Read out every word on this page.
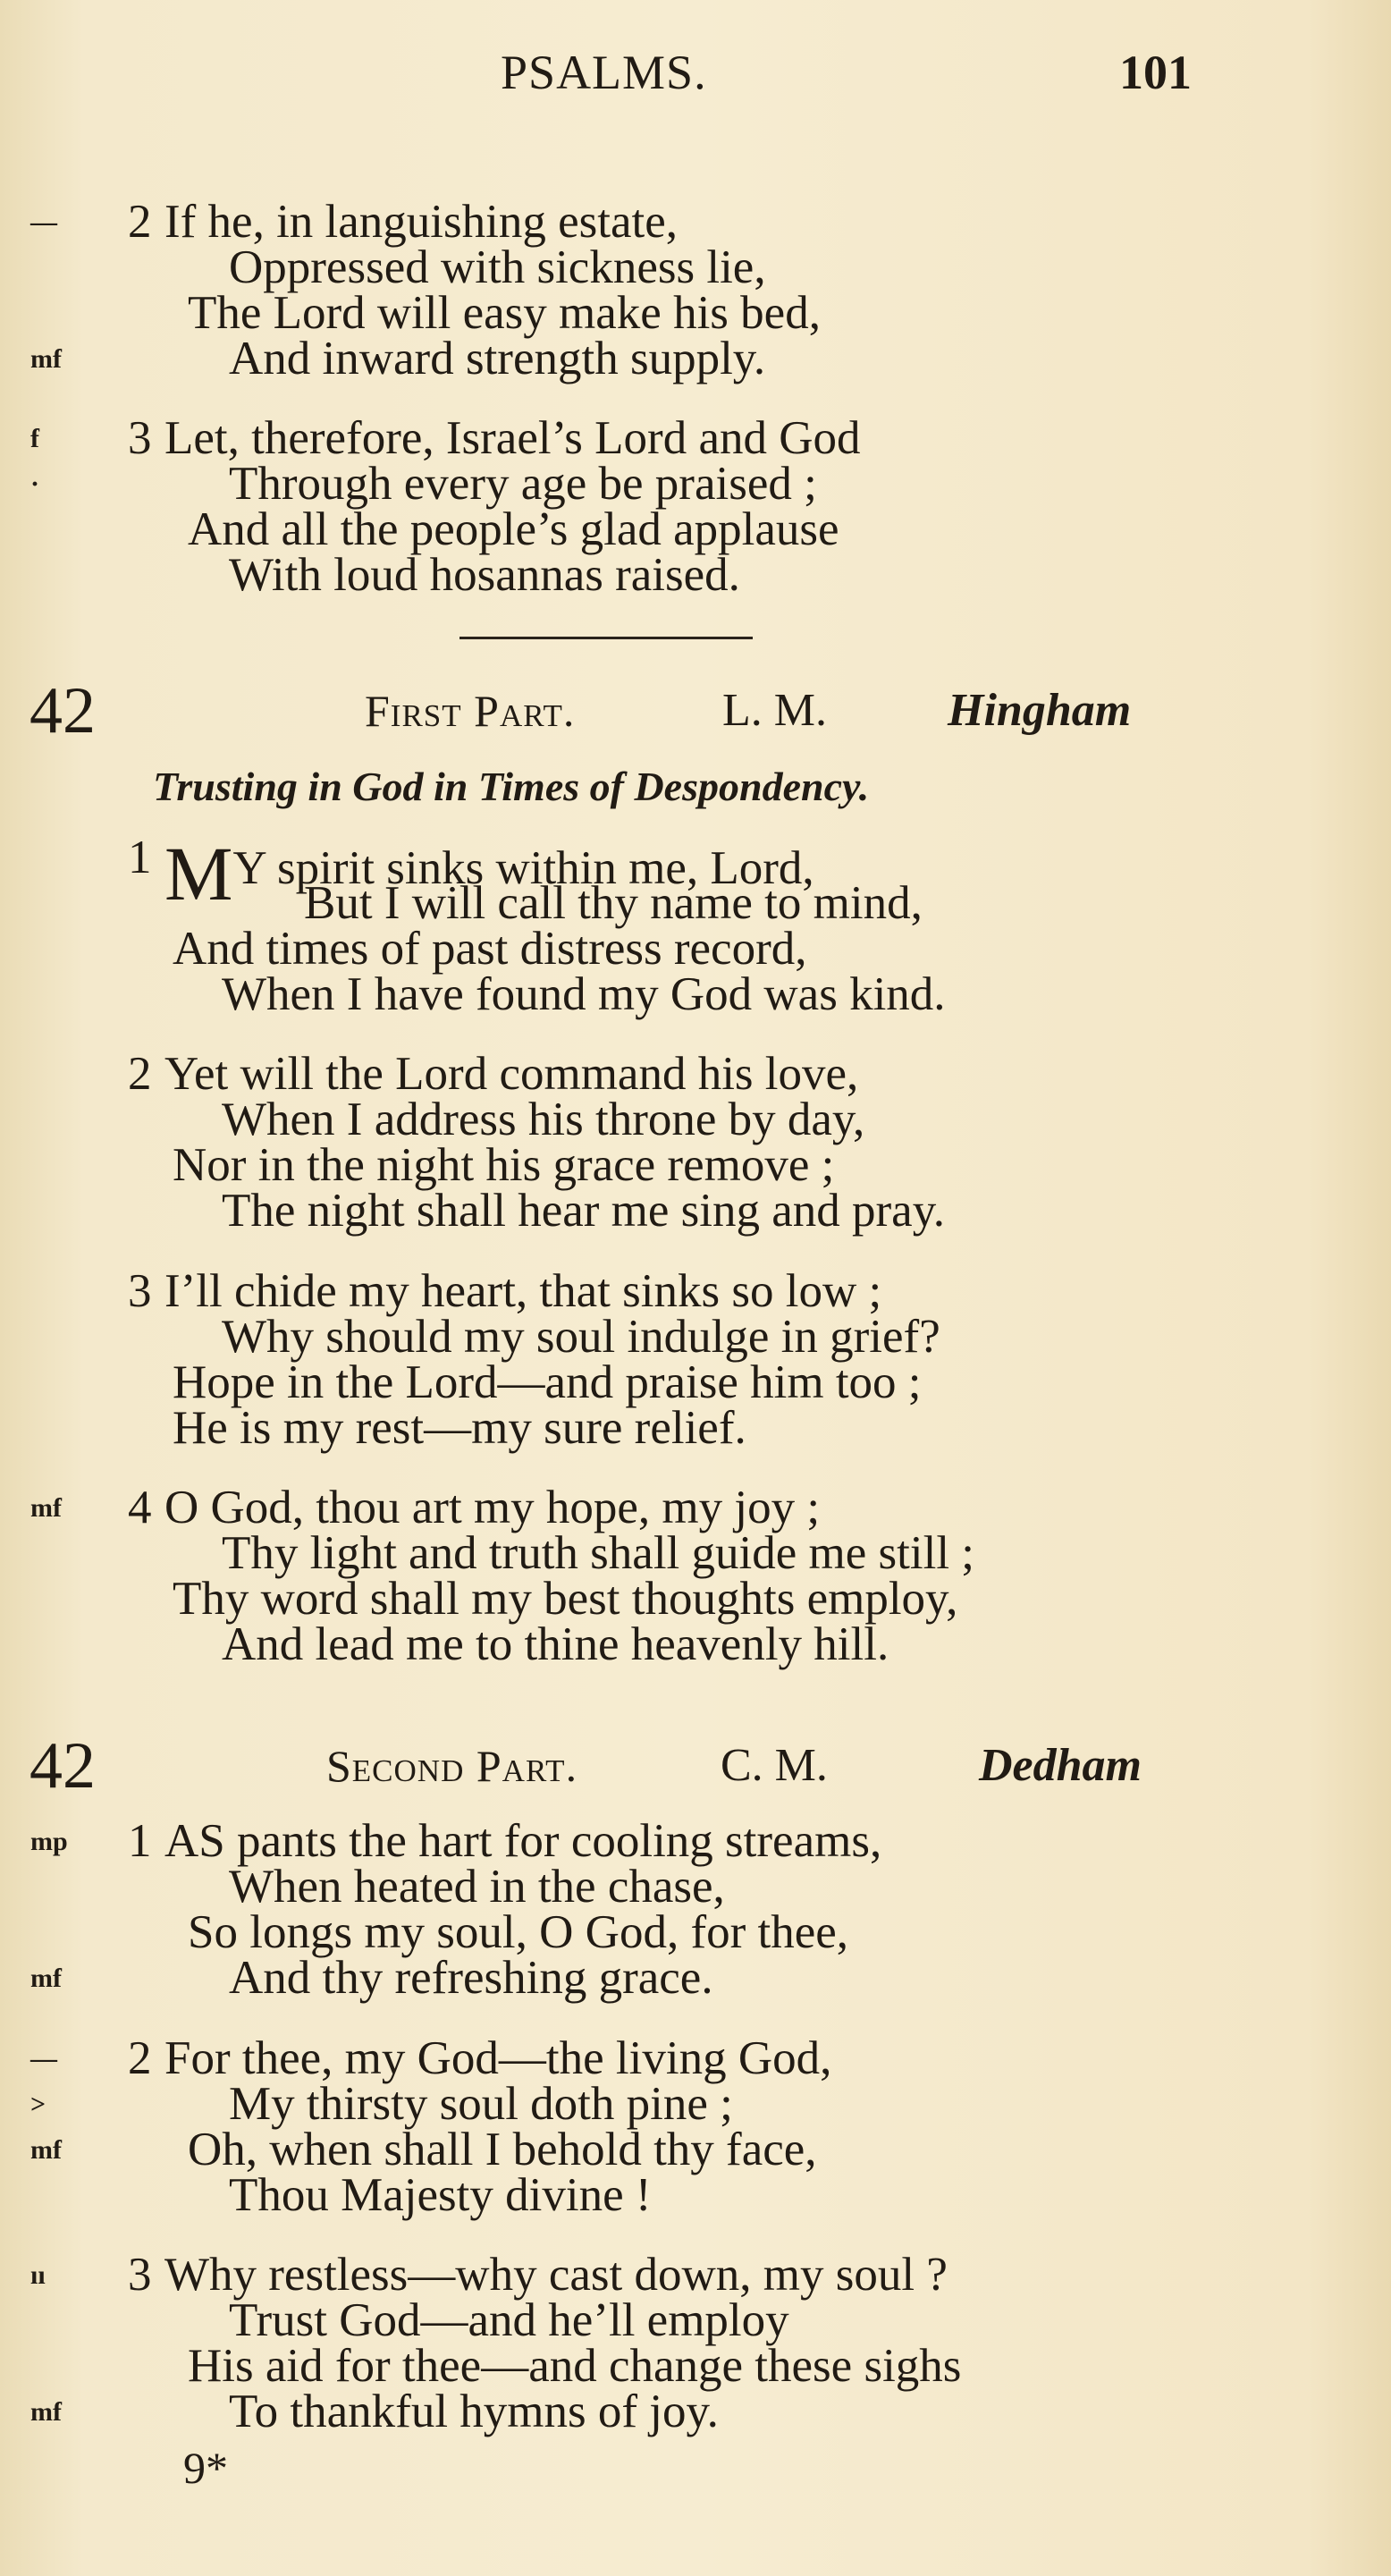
PSALMS.	101
— 2 If he, in languishing estate,
Oppressed with sickness lie,
The Lord will easy make his bed,
mf	And inward strength supply.
f 3 Let, therefore, Israel’s Lord and God
·	Through every age be praised ;
And all the people’s glad applause
With loud hosannas raised.
1 MY spirit sinks within me, Lord,
But I will call thy name to mind,
And times of past distress record,
When I have found my God was kind.
2 Yet will the Lord command his love,
When I address his throne by day,
Nor in the night his grace remove ;
The night shall hear me sing and pray.
3 I’ll chide my heart, that sinks so low ;
Why should my soul indulge in grief?
Hope in the Lord—and praise him too ;
He is my rest—my sure relief.
mf 4 O God, thou art my hope, my joy ;
Thy light and truth shall guide me still ;
Thy word shall my best thoughts employ,
And lead me to thine heavenly hill.
mp 1 AS pants the hart for cooling streams,
When heated in the chase,
So longs my soul, O God, for thee,
mf	And thy refreshing grace.
— 2 For thee, my God—the living God,
>	My thirsty soul doth pine ;
mf	Oh, when shall I behold thy face,
Thou Majesty divine !
ıı 3 Why restless—why cast down, my soul ?
Trust God—and he’ll employ
His aid for thee—and change these sighs
mf	To thankful hymns of joy.
42	First Part.	L. M.	Hingham
Trusting in God in Times of Despondency.
42	Second Part.	C. M.	Dedham
9*
